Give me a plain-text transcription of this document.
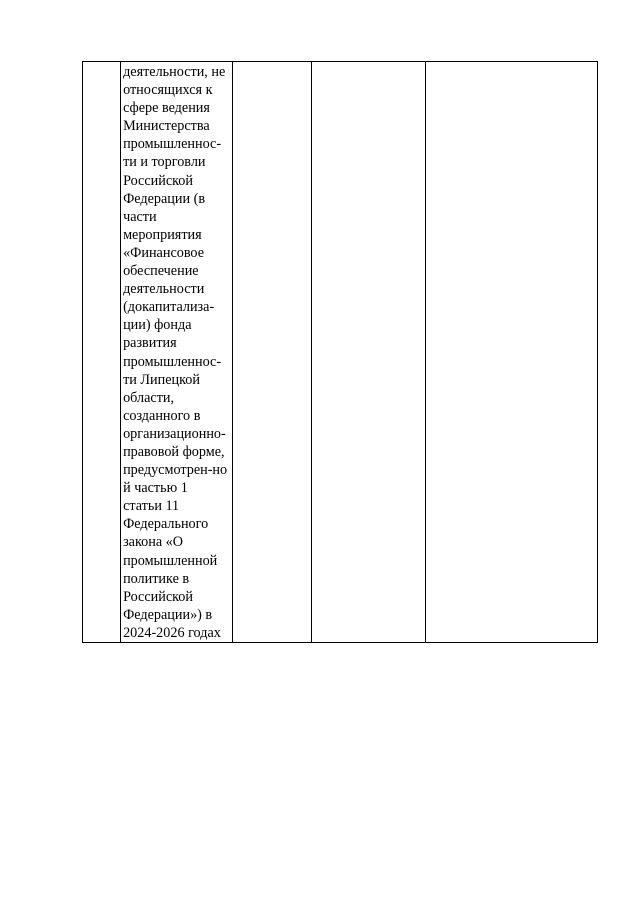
деятельности, не
относящихся к
сфере ведения
Министерства
промышленнос-
ти и торговли
Российской
Федерации (в
части
мероприятия
«Финансовое
обеспечение
деятельности
(докапитализа-
ции) фонда
развития
промышленнос-
ти Липецкой
области,
созданного в
организационно-
правовой форме,
предусмотрен-но
й частью 1
статьи 11
Федерального
закона «О
промышленной
политике в
Российской
Федерации») в
2024-2026 годах
